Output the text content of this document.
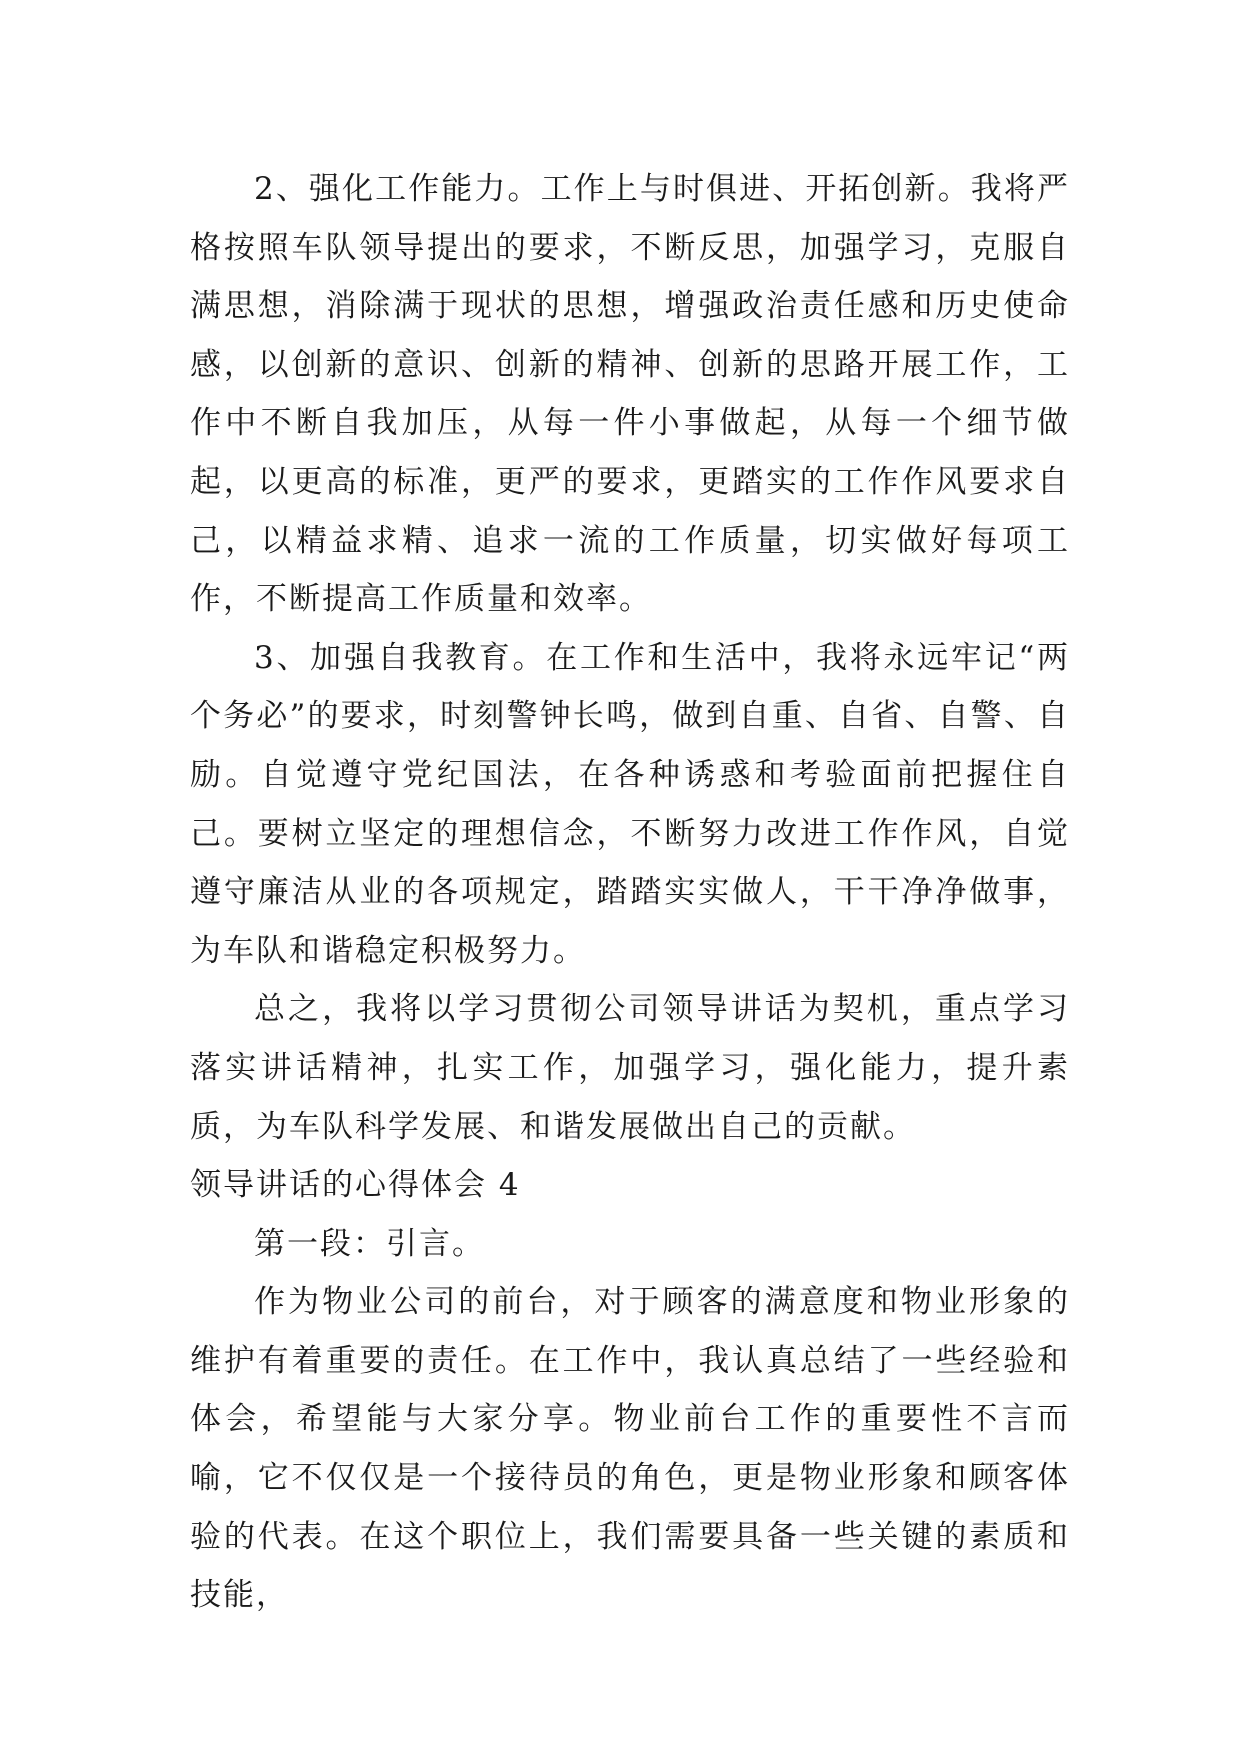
2、强化工作能力。工作上与时俱进、开拓创新。我将严格按照车队领导提出的要求，不断反思，加强学习，克服自满思想，消除满于现状的思想，增强政治责任感和历史使命感，以创新的意识、创新的精神、创新的思路开展工作，工作中不断自我加压，从每一件小事做起，从每一个细节做起，以更高的标准，更严的要求，更踏实的工作作风要求自己，以精益求精、追求一流的工作质量，切实做好每项工作，不断提高工作质量和效率。

3、加强自我教育。在工作和生活中，我将永远牢记“两个务必”的要求，时刻警钟长鸣，做到自重、自省、自警、自励。自觉遵守党纪国法，在各种诱惑和考验面前把握住自己。要树立坚定的理想信念，不断努力改进工作作风，自觉遵守廉洁从业的各项规定，踏踏实实做人，干干净净做事，为车队和谐稳定积极努力。

总之，我将以学习贯彻公司领导讲话为契机，重点学习落实讲话精神，扎实工作，加强学习，强化能力，提升素质，为车队科学发展、和谐发展做出自己的贡献。

领导讲话的心得体会 4

第一段：引言。

作为物业公司的前台，对于顾客的满意度和物业形象的维护有着重要的责任。在工作中，我认真总结了一些经验和体会，希望能与大家分享。物业前台工作的重要性不言而喻，它不仅仅是一个接待员的角色，更是物业形象和顾客体验的代表。在这个职位上，我们需要具备一些关键的素质和技能，
